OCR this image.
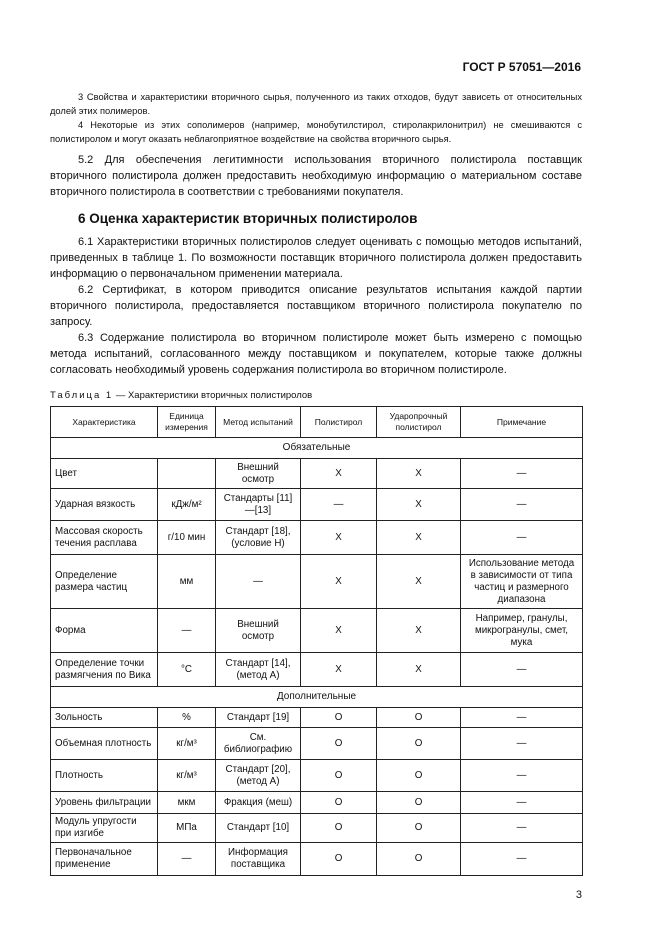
ГОСТ Р 57051—2016

3 Свойства и характеристики вторичного сырья, полученного из таких отходов, будут зависеть от относительных долей этих полимеров.

4 Некоторые из этих сополимеров (например, монобутилстирол, стиролакрилонитрил) не смешиваются с полистиролом и могут оказать неблагоприятное воздействие на свойства вторичного сырья.

5.2 Для обеспечения легитимности использования вторичного полистирола поставщик вторичного полистирола должен предоставить необходимую информацию о материальном составе вторичного полистирола в соответствии с требованиями покупателя.

6 Оценка характеристик вторичных полистиролов

6.1 Характеристики вторичных полистиролов следует оценивать с помощью методов испытаний, приведенных в таблице 1. По возможности поставщик вторичного полистирола должен предоставить информацию о первоначальном применении материала.

6.2 Сертификат, в котором приводится описание результатов испытания каждой партии вторичного полистирола, предоставляется поставщиком вторичного полистирола покупателю по запросу.

6.3 Содержание полистирола во вторичном полистироле может быть измерено с помощью метода испытаний, согласованного между поставщиком и покупателем, которые также должны согласовать необходимый уровень содержания полистирола во вторичном полистироле.

Таблица 1 — Характеристики вторичных полистиролов
Характеристика	Единица измерения	Метод испытаний	Полистирол	Ударопрочный полистирол	Примечание
Обязательные					
Цвет		Внешний осмотр	X	X	—
Ударная вязкость	кДж/м²	Стандарты [11]—[13]	—	X	—
Массовая скорость течения расплава	г/10 мин	Стандарт [18], (условие H)	X	X	—
Определение размера частиц	мм	—	X	X	Использование метода в зависимости от типа частиц и размерного диапазона
Форма	—	Внешний осмотр	X	X	Например, гранулы, микрогранулы, смет, мука
Определение точки размягчения по Вика	°C	Стандарт [14], (метод А)	X	X	—
Дополнительные					
Зольность	%	Стандарт [19]	O	O	—
Объемная плотность	кг/м³	См. библиографию	O	O	—
Плотность	кг/м³	Стандарт [20], (метод А)	O	O	—
Уровень фильтрации	мкм	Фракция (меш)	O	O	—
Модуль упругости при изгибе	МПа	Стандарт [10]	O	O	—
Первоначальное применение	—	Информация поставщика	O	O	—
3
